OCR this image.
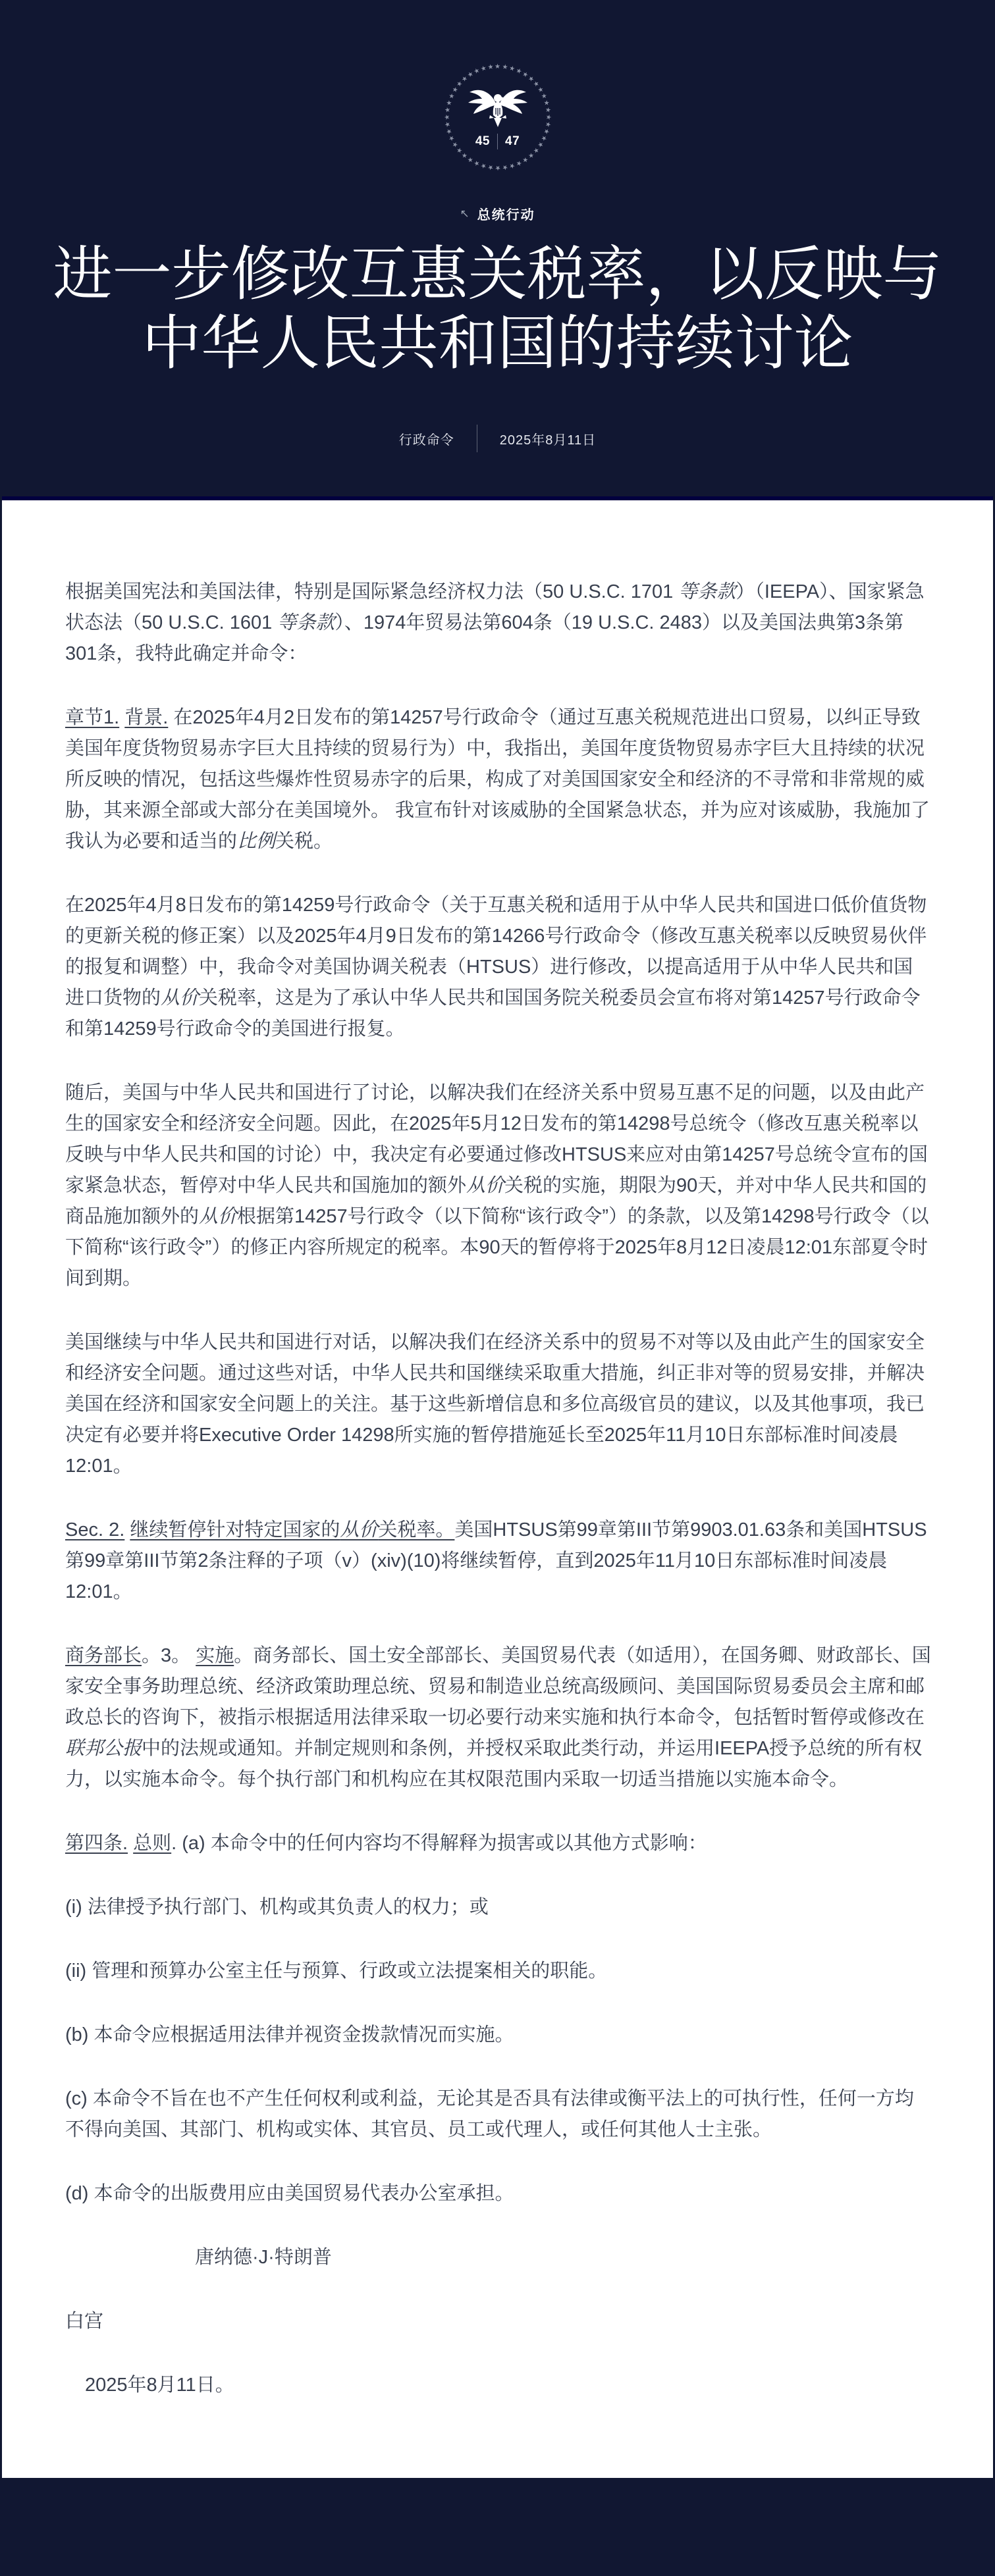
★ ★ ★
★
★
★
★
★
★
★
★
★
★
★
★
★
★
★
★
★
★
★
★
★
★
★
★
★
★
★
★
★
★
★
★
★
★
★
★
★
★
★
★ ★
45 47
↖ 总统行动
进一步修改互惠关税率，以反映与中华人民共和国的持续讨论
行政命令	2025年8月11日

根据美国宪法和美国法律，特别是国际紧急经济权力法（50 U.S.C. 1701 等条款）（IEEPA）、国家紧急状态法（50 U.S.C. 1601 等条款）、1974年贸易法第604条（19 U.S.C. 2483）以及美国法典第3条第301条，我特此确定并命令：

章节1. 背景. 在2025年4月2日发布的第14257号行政命令（通过互惠关税规范进出口贸易，以纠正导致美国年度货物贸易赤字巨大且持续的贸易行为）中，我指出，美国年度货物贸易赤字巨大且持续的状况所反映的情况，包括这些爆炸性贸易赤字的后果，构成了对美国国家安全和经济的不寻常和非常规的威胁，其来源全部或大部分在美国境外。 我宣布针对该威胁的全国紧急状态，并为应对该威胁，我施加了我认为必要和适当的比例关税。

在2025年4月8日发布的第14259号行政命令（关于互惠关税和适用于从中华人民共和国进口低价值货物的更新关税的修正案）以及2025年4月9日发布的第14266号行政命令（修改互惠关税率以反映贸易伙伴的报复和调整）中，我命令对美国协调关税表（HTSUS）进行修改，以提高适用于从中华人民共和国进口货物的从价关税率，这是为了承认中华人民共和国国务院关税委员会宣布将对第14257号行政命令和第14259号行政命令的美国进行报复。

随后，美国与中华人民共和国进行了讨论，以解决我们在经济关系中贸易互惠不足的问题，以及由此产生的国家安全和经济安全问题。因此，在2025年5月12日发布的第14298号总统令（修改互惠关税率以反映与中华人民共和国的讨论）中，我决定有必要通过修改HTSUS来应对由第14257号总统令宣布的国家紧急状态，暂停对中华人民共和国施加的额外从价关税的实施，期限为90天，并对中华人民共和国的商品施加额外的从价根据第14257号行政令（以下简称“该行政令”）的条款，以及第14298号行政令（以下简称“该行政令”）的修正内容所规定的税率。本90天的暂停将于2025年8月12日凌晨12:01东部夏令时间到期。

美国继续与中华人民共和国进行对话，以解决我们在经济关系中的贸易不对等以及由此产生的国家安全和经济安全问题。通过这些对话，中华人民共和国继续采取重大措施，纠正非对等的贸易安排，并解决美国在经济和国家安全问题上的关注。基于这些新增信息和多位高级官员的建议，以及其他事项，我已决定有必要并将Executive Order 14298所实施的暂停措施延长至2025年11月10日东部标准时间凌晨12:01。

Sec. 2. 继续暂停针对特定国家的从价关税率。美国HTSUS第99章第III节第9903.01.63条和美国HTSUS第99章第III节第2条注释的子项（v）(xiv)(10)将继续暂停，直到2025年11月10日东部标准时间凌晨12:01。

商务部长。3。 实施。商务部长、国土安全部部长、美国贸易代表（如适用），在国务卿、财政部长、国家安全事务助理总统、经济政策助理总统、贸易和制造业总统高级顾问、美国国际贸易委员会主席和邮政总长的咨询下，被指示根据适用法律采取一切必要行动来实施和执行本命令，包括暂时暂停或修改在联邦公报中的法规或通知。并制定规则和条例，并授权采取此类行动，并运用IEEPA授予总统的所有权力，以实施本命令。每个执行部门和机构应在其权限范围内采取一切适当措施以实施本命令。

第四条. 总则. (a) 本命令中的任何内容均不得解释为损害或以其他方式影响：

(i) 法律授予执行部门、机构或其负责人的权力；或

(ii) 管理和预算办公室主任与预算、行政或立法提案相关的职能。

(b) 本命令应根据适用法律并视资金拨款情况而实施。

(c) 本命令不旨在也不产生任何权利或利益，无论其是否具有法律或衡平法上的可执行性，任何一方均不得向美国、其部门、机构或实体、其官员、员工或代理人，或任何其他人士主张。

(d) 本命令的出版费用应由美国贸易代表办公室承担。

唐纳德·J·特朗普

白宫

2025年8月11日。
